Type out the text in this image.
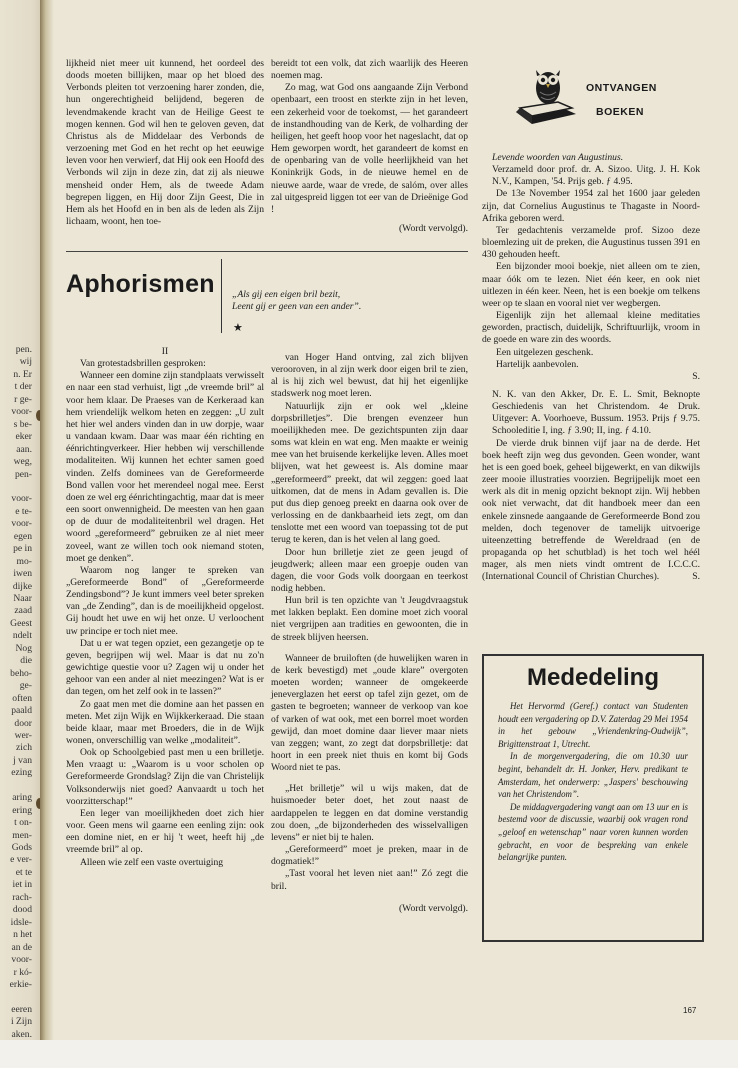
pen.
wij
n. Er
t der
r ge-
voor-
s be-
eker
aan.
weg,
pen-
voor-
e te-
voor-
egen
pe in
mo-
iwen
dijke
Naar
zaad
Geest
ndelt
Nog
die
beho-
ge-
often
paald
door
wer-
zich
j van
ezing
aring
ering
t on-
men-
Gods
e ver-
et te
iet in
rach-
dood
idsle-
n het
an de
voor-
r kó-
erkie-
eeren
i Zijn
aken.

lijkheid niet meer uit kunnend, het oordeel des doods moeten billijken, maar op het bloed des Verbonds pleiten tot verzoening harer zonden, die, hun ongerechtigheid belijdend, begeren de levendmakende kracht van de Heilige Geest te mogen kennen. God wil hen te geloven geven, dat Christus als de Middelaar des Verbonds de verzoening met God en het recht op het eeuwige leven voor hen verwierf, dat Hij ook een Hoofd des Verbonds wil zijn in deze zin, dat zij als nieuwe mensheid onder Hem, als de tweede Adam begrepen liggen, en Hij door Zijn Geest, Die in Hem als het Hoofd en in ben als de leden als Zijn lichaam, woont, hen toe-

bereidt tot een volk, dat zich waarlijk des Heeren noemen mag.

Zo mag, wat God ons aangaande Zijn Verbond openbaart, een troost en sterkte zijn in het leven, een zekerheid voor de toekomst, — het garandeert de instandhouding van de Kerk, de volharding der heiligen, het geeft hoop voor het nageslacht, dat op Hem geworpen wordt, het garandeert de komst en de openbaring van de volle heerlijkheid van het Koninkrijk Gods, in de nieuwe hemel en de nieuwe aarde, waar de vrede, de salóm, over alles zal uitgespreid liggen tot eer van de Drieënige God !

(Wordt vervolgd).

Aphorismen „Als gij een eigen bril bezit,
Leent gij er geen van een ander”.
★

II

Van grotestadsbrillen gesproken:

Wanneer een domine zijn standplaats verwisselt en naar een stad verhuist, ligt „de vreemde bril” al voor hem klaar. De Praeses van de Kerkeraad kan hem vriendelijk welkom heten en zeggen: „U zult het hier wel anders vinden dan in uw dorpje, waar u vandaan kwam. Daar was maar één richting en éénrichtingverkeer. Hier hebben wij verschillende modaliteiten. Wij kunnen het echter samen goed vinden. Zelfs dominees van de Gereformeerde Bond vallen voor het merendeel nogal mee. Eerst doen ze wel erg éénrichtingachtig, maar dat is meer een soort onwennigheid. De meesten van hen gaan op de duur de modaliteitenbril wel dragen. Het woord „gereformeerd” gebruiken ze al niet meer zoveel, want ze willen toch ook niemand stoten, moet ge denken”.

Waarom nog langer te spreken van „Gereformeerde Bond” of „Gereformeerde Zendingsbond”? Je kunt immers veel beter spreken van „de Zending”, dan is de moeilijkheid opgelost. Gij houdt het uwe en wij het onze. U verloochent uw principe er toch niet mee.

Dat u er wat tegen opziet, een gezangetje op te geven, begrijpen wij wel. Maar is dat nu zo'n gewichtige questie voor u? Zagen wij u onder het gehoor van een ander al niet meezingen? Wat is er dan tegen, om het zelf ook in te lassen?”

Zo gaat men met die domine aan het passen en meten. Met zijn Wijk en Wijkkerkeraad. Die staan beide klaar, maar met Broeders, die in de Wijk wonen, onverschillig van welke „modaliteit”.

Ook op Schoolgebied past men u een brilletje. Men vraagt u: „Waarom is u voor scholen op Gereformeerde Grondslag? Zijn die van Christelijk Volksonderwijs niet goed? Aanvaardt u toch het voorzitterschap!”

Een leger van moeilijkheden doet zich hier voor. Geen mens wil gaarne een eenling zijn: ook een domine niet, en er hij 't weet, heeft hij „de vreemde bril” al op.

Alleen wie zelf een vaste overtuiging

van Hoger Hand ontving, zal zich blijven verooroven, in al zijn werk door eigen bril te zien, al is hij zich wel bewust, dat hij het eigenlijke stadswerk nog moet leren.

Natuurlijk zijn er ook wel „kleine dorpsbrilletjes”. Die brengen evenzeer hun moeilijkheden mee. De gezichtspunten zijn daar soms wat klein en wat eng. Men maakte er weinig mee van het bruisende kerkelijke leven. Alles moet blijven, wat het geweest is. Als domine maar „gereformeerd” preekt, dat wil zeggen: goed laat uitkomen, dat de mens in Adam gevallen is. Die put dus diep genoeg preekt en daarna ook over de verlossing en de dankbaarheid iets zegt, om dan tenslotte met een woord van toepassing tot de put terug te keren, dan is het velen al lang goed.

Door hun brilletje ziet ze geen jeugd of jeugdwerk; alleen maar een groepje ouden van dagen, die voor Gods volk doorgaan en teerkost nodig hebben.

Hun bril is ten opzichte van 't Jeugdvraagstuk met lakken beplakt. Een domine moet zich vooral niet vergrijpen aan tradities en gewoonten, die in de streek blijven heersen.

Wanneer de bruiloften (de huwelijken waren in de kerk bevestigd) met „oude klare” overgoten moeten worden; wanneer de omgekeerde jeneverglazen het eerst op tafel zijn gezet, om de gasten te begroeten; wanneer de verkoop van koe of varken of wat ook, met een borrel moet worden gewijd, dan moet domine daar liever maar niets van zeggen; want, zo zegt dat dorpsbrilletje: dat hoort in een preek niet thuis en komt bij Gods Woord niet te pas.

„Het brilletje” wil u wijs maken, dat de huismoeder beter doet, het zout naast de aardappelen te leggen en dat domine verstandig zou doen, „de bijzonderheden des wisselvalligen levens” er niet bij te halen.

„Gereformeerd” moet je preken, maar in de dogmatiek!”

„Tast vooral het leven niet aan!” Zó zegt die bril.

(Wordt vervolgd).

ONTVANGEN
BOEKEN

Levende woorden van Augustinus.

Verzameld door prof. dr. A. Sizoo. Uitg. J. H. Kok N.V., Kampen, '54. Prijs geb. ƒ 4.95.

De 13e November 1954 zal het 1600 jaar geleden zijn, dat Cornelius Augustinus te Thagaste in Noord-Afrika geboren werd.

Ter gedachtenis verzamelde prof. Sizoo deze bloemlezing uit de preken, die Augustinus tussen 391 en 430 gehouden heeft.

Een bijzonder mooi boekje, niet alleen om te zien, maar óók om te lezen. Niet één keer, en ook niet uitlezen in één keer. Neen, het is een boekje om telkens weer op te slaan en vooral niet ver wegbergen.

Eigenlijk zijn het allemaal kleine meditaties geworden, practisch, duidelijk, Schriftuurlijk, vroom in de goede en ware zin des woords.

Een uitgelezen geschenk.

Hartelijk aanbevolen.

S.

N. K. van den Akker, Dr. E. L. Smit, Beknopte Geschiedenis van het Christendom. 4e Druk. Uitgever: A. Voorhoeve, Bussum. 1953. Prijs ƒ 9.75. Schooleditie I, ing. ƒ 3.90; II, ing. ƒ 4.10.

De vierde druk binnen vijf jaar na de derde. Het boek heeft zijn weg dus gevonden. Geen wonder, want het is een goed boek, geheel bijgewerkt, en van dikwijls zeer mooie illustraties voorzien. Begrijpelijk moet een werk als dit in menig opzicht beknopt zijn. Wij hebben ook niet verwacht, dat dit handboek meer dan een enkele zinsnede aangaande de Gereformeerde Bond zou melden, doch tegenover de tamelijk uitvoerige uiteenzetting betreffende de Wereldraad (en de propaganda op het schutblad) is het toch wel héél mager, als men niets vindt omtrent de I.C.C.C. (International Council of Christian Churches).	S.

Mededeling

Het Hervormd (Geref.) contact van Studenten houdt een vergadering op D.V. Zaterdag 29 Mei 1954 in het gebouw „Vriendenkring-Oudwijk”, Brigittenstraat 1, Utrecht.

In de morgenvergadering, die om 10.30 uur begint, behandelt dr. H. Jonker, Herv. predikant te Amsterdam, het onderwerp: „Jaspers' beschouwing van het Christendom”.

De middagvergadering vangt aan om 13 uur en is bestemd voor de discussie, waarbij ook vragen rond „geloof en wetenschap” naar voren kunnen worden gebracht, en voor de bespreking van enkele belangrijke punten.

167
